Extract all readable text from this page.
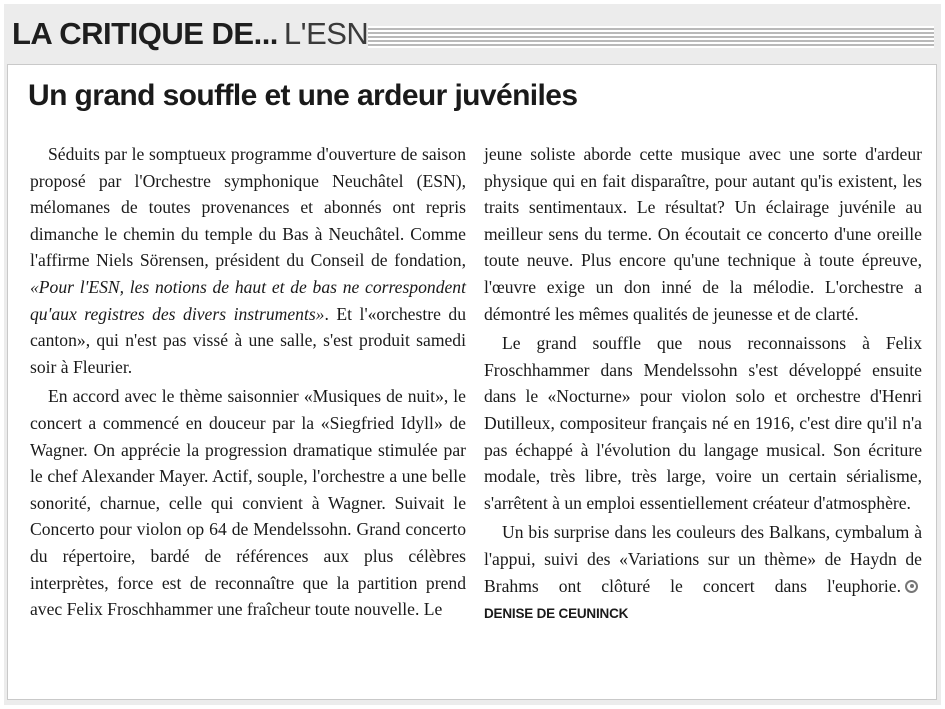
LA CRITIQUE DE... L'ESN
Un grand souffle et une ardeur juvéniles

Séduits par le somptueux programme d'ouverture de saison proposé par l'Orchestre symphonique Neuchâtel (ESN), mélomanes de toutes provenances et abonnés ont repris dimanche le chemin du temple du Bas à Neuchâtel. Comme l'affirme Niels Sörensen, président du Conseil de fondation, «Pour l'ESN, les notions de haut et de bas ne correspondent qu'aux registres des divers instruments». Et l'«orchestre du canton», qui n'est pas vissé à une salle, s'est produit samedi soir à Fleurier.

En accord avec le thème saisonnier «Musiques de nuit», le concert a commencé en douceur par la «Siegfried Idyll» de Wagner. On apprécie la progression dramatique stimulée par le chef Alexander Mayer. Actif, souple, l'orchestre a une belle sonorité, charnue, celle qui convient à Wagner. Suivait le Concerto pour violon op 64 de Mendelssohn. Grand concerto du répertoire, bardé de références aux plus célèbres interprètes, force est de reconnaître que la partition prend avec Felix Froschhammer une fraîcheur toute nouvelle. Le

jeune soliste aborde cette musique avec une sorte d'ardeur physique qui en fait disparaître, pour autant qu'is existent, les traits sentimentaux. Le résultat? Un éclairage juvénile au meilleur sens du terme. On écoutait ce concerto d'une oreille toute neuve. Plus encore qu'une technique à toute épreuve, l'œuvre exige un don inné de la mélodie. L'orchestre a démontré les mêmes qualités de jeunesse et de clarté.

Le grand souffle que nous reconnaissons à Felix Froschhammer dans Mendelssohn s'est développé ensuite dans le «Nocturne» pour violon solo et orchestre d'Henri Dutilleux, compositeur français né en 1916, c'est dire qu'il n'a pas échappé à l'évolution du langage musical. Son écriture modale, très libre, très large, voire un certain sérialisme, s'arrêtent à un emploi essentiellement créateur d'atmosphère.

Un bis surprise dans les couleurs des Balkans, cymbalum à l'appui, suivi des «Variations sur un thème» de Haydn de Brahms ont clôturé le concert dans l'euphorie.DENISE DE CEUNINCK
